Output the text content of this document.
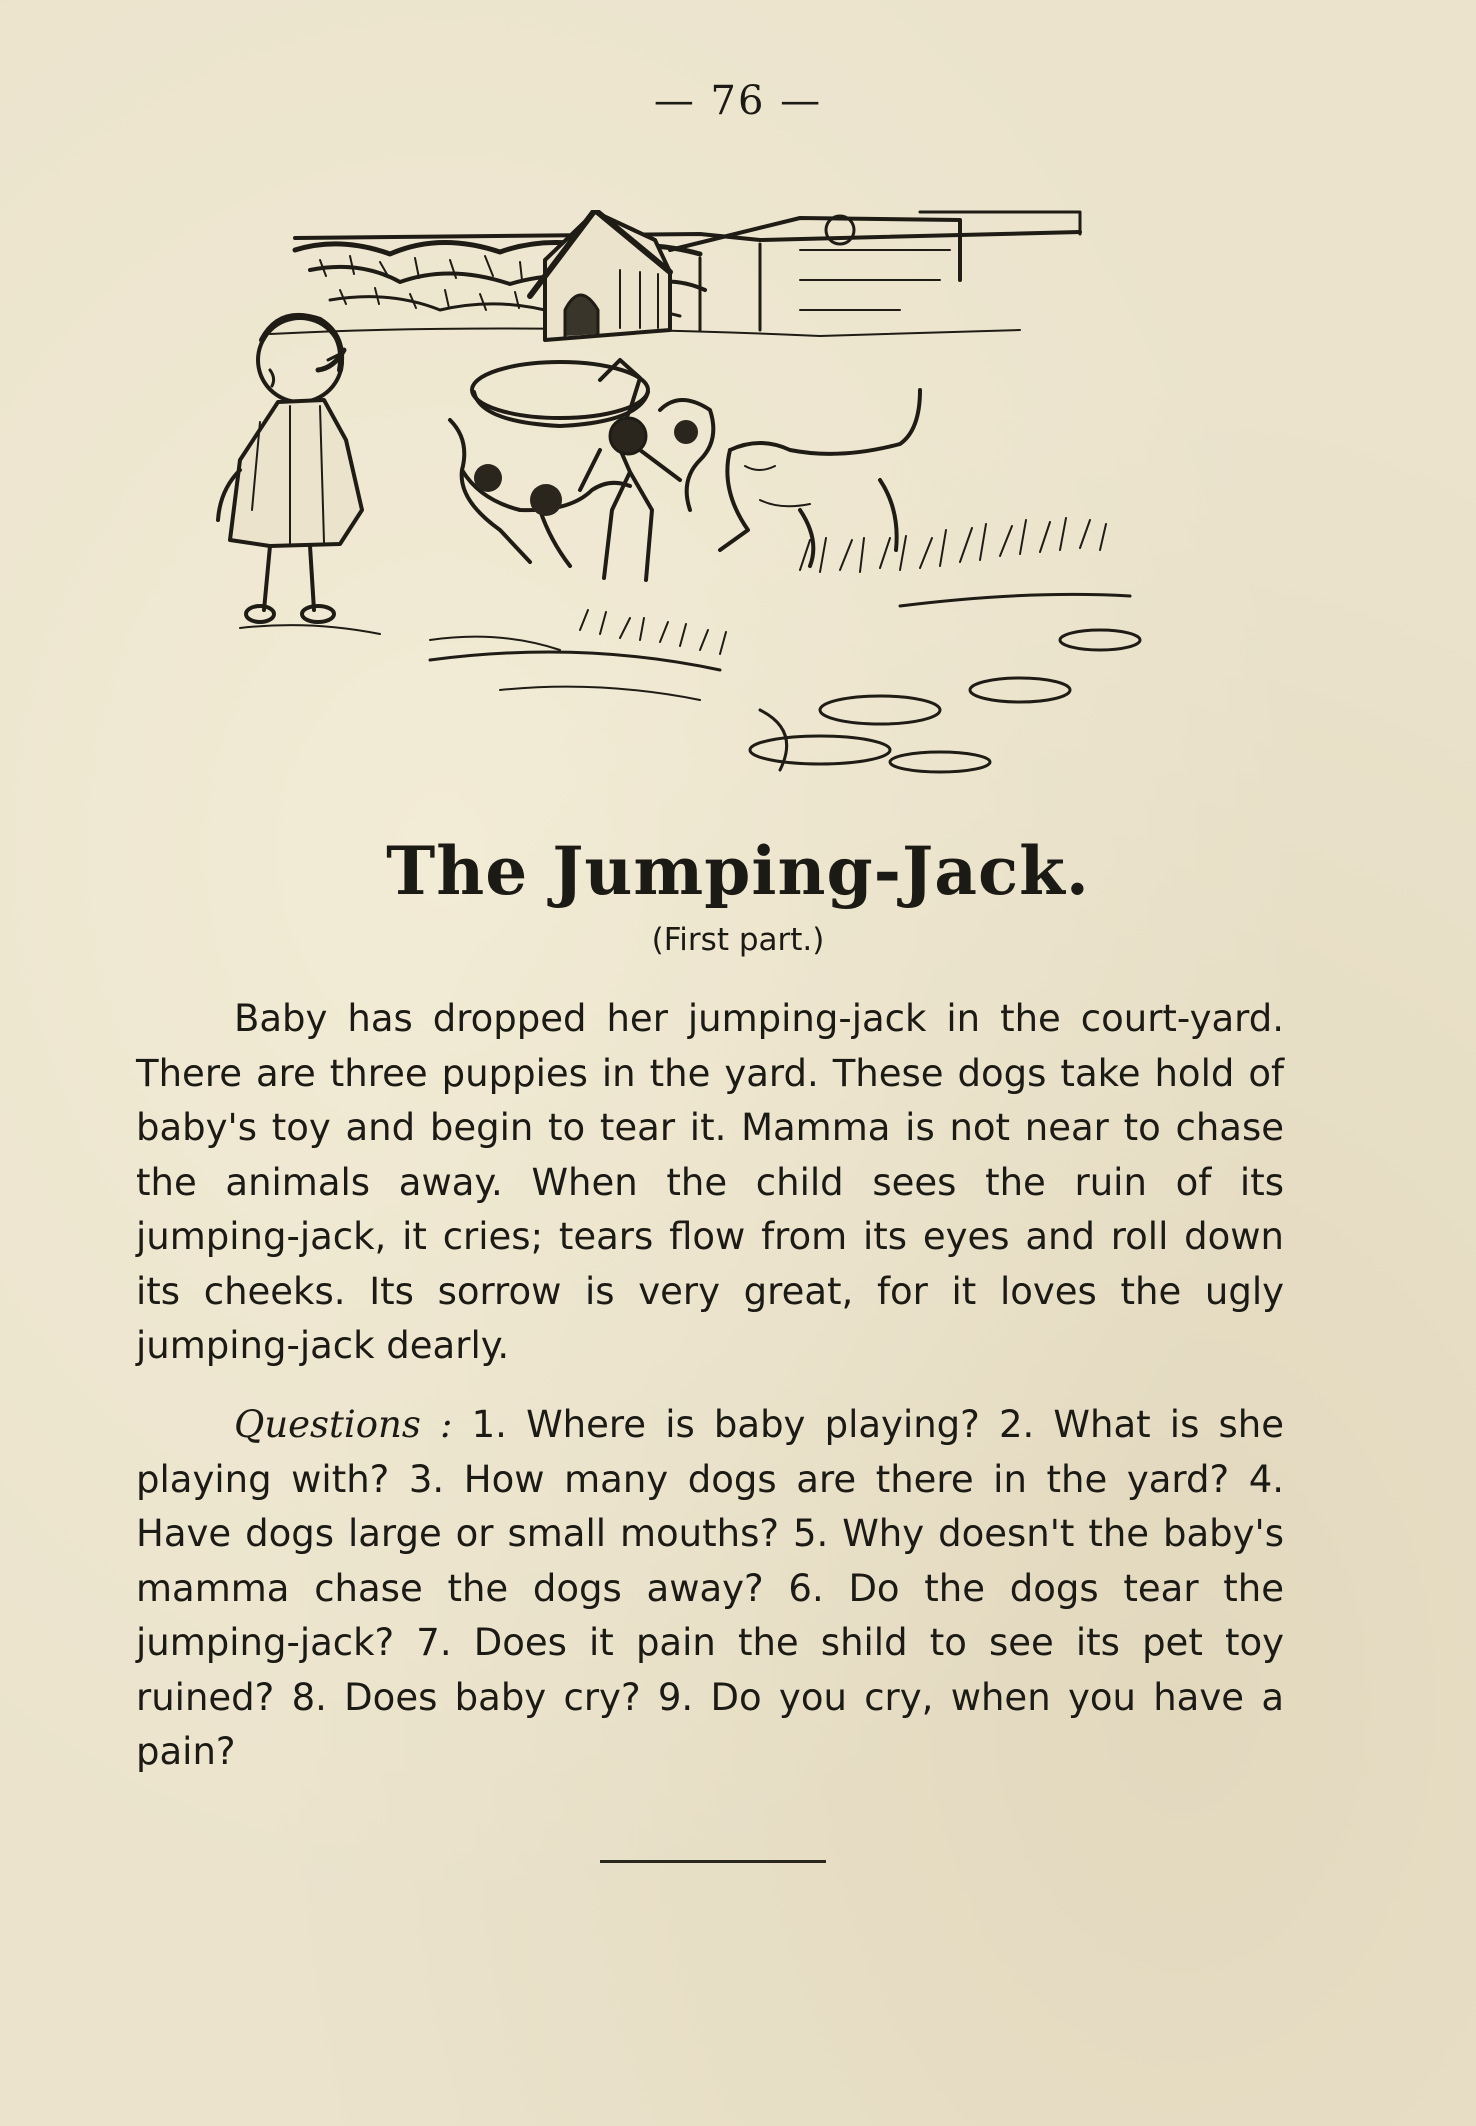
— 76 —
The Jumping-Jack.
(First part.)

Baby has dropped her jumping-jack in the court-yard. There are three puppies in the yard. These dogs take hold of baby's toy and begin to tear it. Mamma is not near to chase the animals away. When the child sees the ruin of its jumping-jack, it cries; tears flow from its eyes and roll down its cheeks. Its sorrow is very great, for it loves the ugly jumping-jack dearly.

Questions : 1. Where is baby playing? 2. What is she playing with? 3. How many dogs are there in the yard? 4. Have dogs large or small mouths? 5. Why doesn't the baby's mamma chase the dogs away? 6. Do the dogs tear the jumping-jack? 7. Does it pain the shild to see its pet toy ruined? 8. Does baby cry? 9. Do you cry, when you have a pain?
